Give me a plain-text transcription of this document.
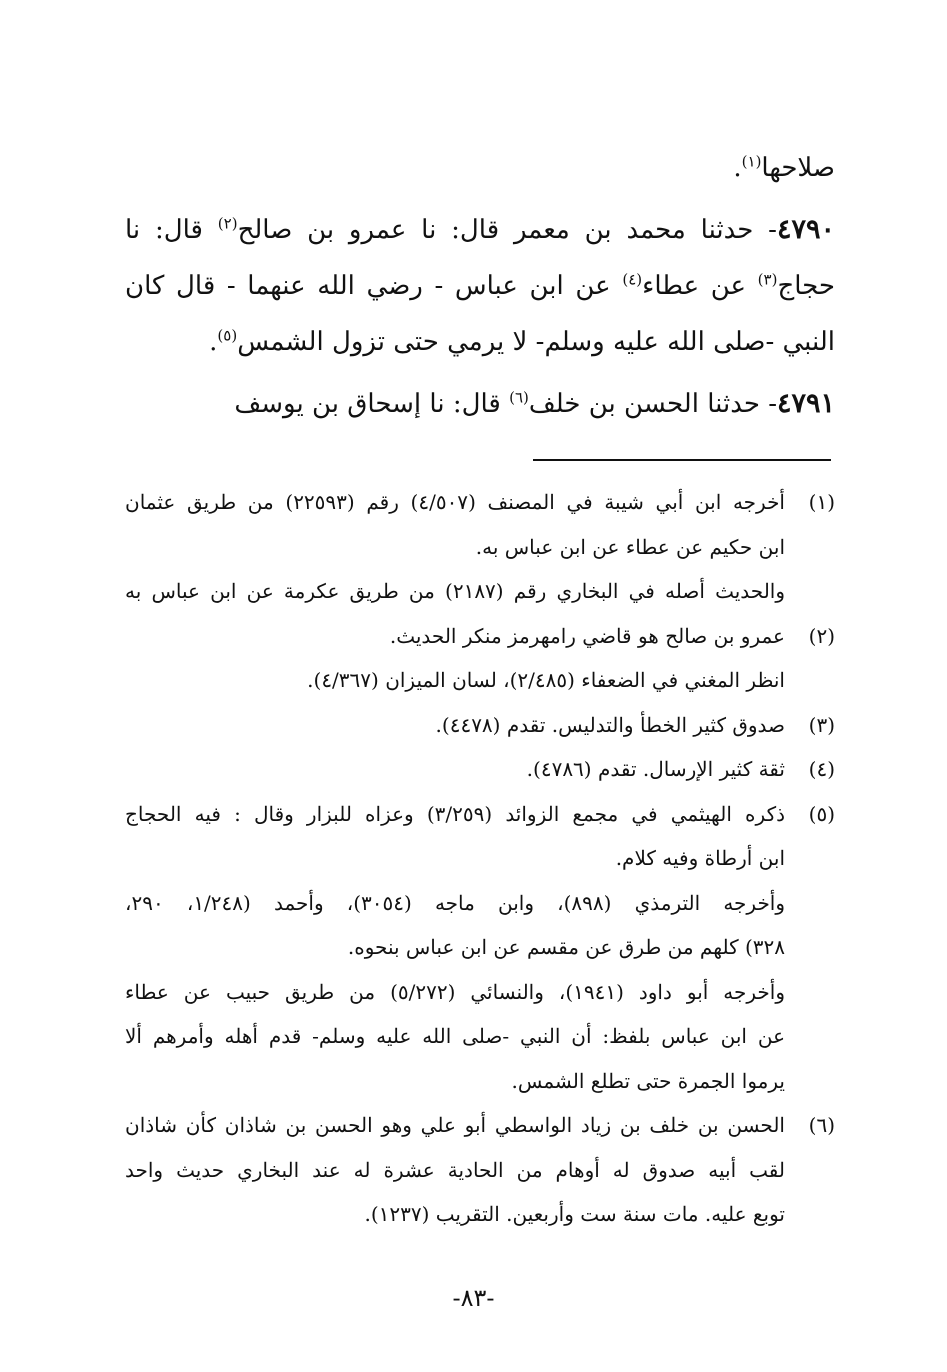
صلاحها$^{(١)}$.

٤٧٩٠- حدثنا محمد بن معمر قال: نا عمرو بن صالح$^{(٢)}$ قال: نا حجاج$^{(٣)}$ عن عطاء$^{(٤)}$ عن ابن عباس - رضي الله عنهما - قال كان النبي -صلى الله عليه وسلم- لا يرمي حتى تزول الشمس$^{(٥)}$.

٤٧٩١- حدثنا الحسن بن خلف$^{(٦)}$ قال: نا إسحاق بن يوسف

(١)
أخرجه ابن أبي شيبة في المصنف (٤/٥٠٧) رقم (٢٢٥٩٣) من طريق عثمان
ابن حكيم عن عطاء عن ابن عباس به.
والحديث أصله في البخاري رقم (٢١٨٧) من طريق عكرمة عن ابن عباس به
(٢)
عمرو بن صالح هو قاضي رامهرمز منكر الحديث.
انظر المغني في الضعفاء (٢/٤٨٥)، لسان الميزان (٤/٣٦٧).
(٣)
صدوق كثير الخطأ والتدليس. تقدم (٤٤٧٨).
(٤)
ثقة كثير الإرسال. تقدم (٤٧٨٦).
(٥)
ذكره الهيثمي في مجمع الزوائد (٣/٢٥٩) وعزاه للبزار وقال : فيه الحجاج
ابن أرطاة وفيه كلام.
وأخرجه الترمذي (٨٩٨)، وابن ماجه (٣٠٥٤)، وأحمد (١/٢٤٨، ٢٩٠،
٣٢٨) كلهم من طرق عن مقسم عن ابن عباس بنحوه.
وأخرجه أبو داود (١٩٤١)، والنسائي (٥/٢٧٢) من طريق حبيب عن عطاء
عن ابن عباس بلفظ: أن النبي -صلى الله عليه وسلم- قدم أهله وأمرهم ألا
يرموا الجمرة حتى تطلع الشمس.
(٦)
الحسن بن خلف بن زياد الواسطي أبو علي وهو الحسن بن شاذان كأن شاذان
لقب أبيه صدوق له أوهام من الحادية عشرة له عند البخاري حديث واحد
توبع عليه. مات سنة ست وأربعين. التقريب (١٢٣٧).
-٨٣-
